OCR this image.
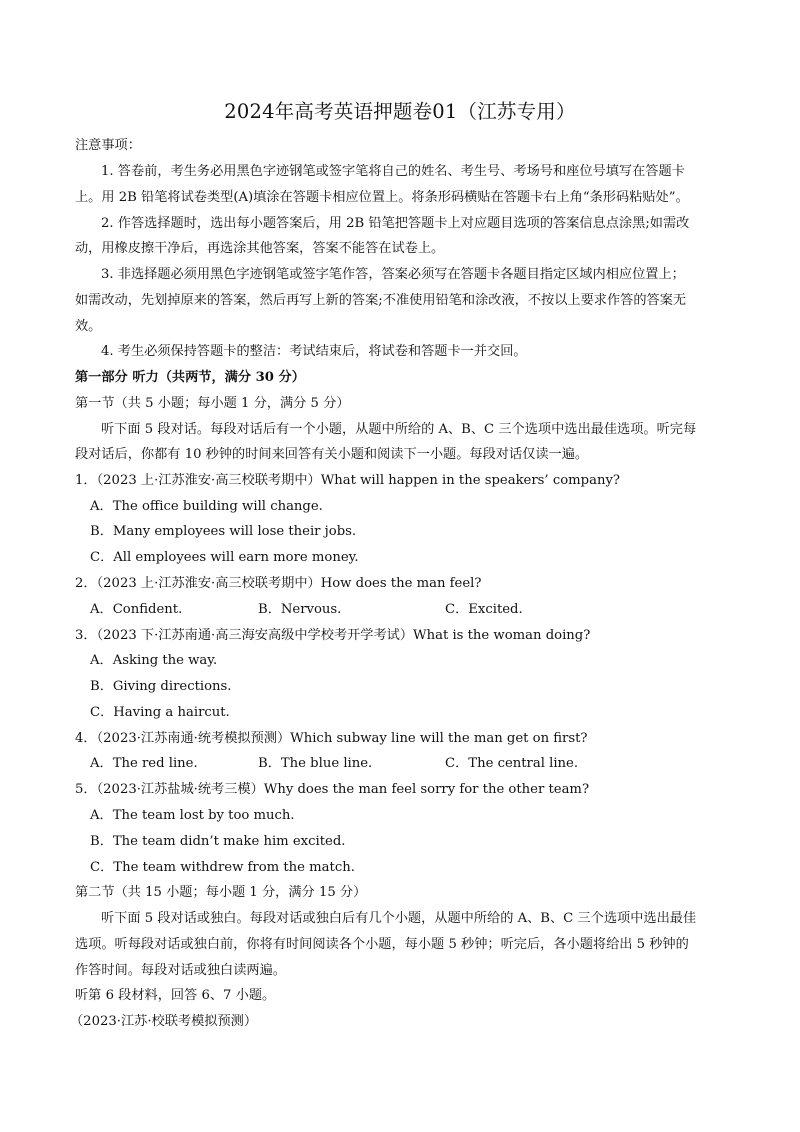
2024年高考英语押题卷01（江苏专用）
注意事项：
1. 答卷前，考生务必用黑色字迹钢笔或签字笔将自己的姓名、考生号、考场号和座位号填写在答题卡
上。用 2B 铅笔将试卷类型(A)填涂在答题卡相应位置上。将条形码横贴在答题卡右上角“条形码粘贴处”。
2. 作答选择题时，选出每小题答案后，用 2B 铅笔把答题卡上对应题目选项的答案信息点涂黑;如需改
动，用橡皮擦干净后，再选涂其他答案，答案不能答在试卷上。
3. 非选择题必须用黑色字迹钢笔或签字笔作答，答案必须写在答题卡各题目指定区域内相应位置上；
如需改动，先划掉原来的答案，然后再写上新的答案;不准使用铅笔和涂改液，不按以上要求作答的答案无
效。
4. 考生必须保持答题卡的整洁：考试结束后，将试卷和答题卡一并交回。
第一部分 听力（共两节，满分 30 分）
第一节（共 5 小题；每小题 1 分，满分 5 分）
听下面 5 段对话。每段对话后有一个小题，从题中所给的 A、B、C 三个选项中选出最佳选项。听完每
段对话后，你都有 10 秒钟的时间来回答有关小题和阅读下一小题。每段对话仅读一遍。
1．（2023 上·江苏淮安·高三校联考期中）What will happen in the speakers’ company?
A．The office building will change.
B．Many employees will lose their jobs.
C．All employees will earn more money.
2．（2023 上·江苏淮安·高三校联考期中）How does the man feel?
A．Confident.	B．Nervous.	C．Excited.
3．（2023 下·江苏南通·高三海安高级中学校考开学考试）What is the woman doing?
A．Asking the way.
B．Giving directions.
C．Having a haircut.
4．（2023·江苏南通·统考模拟预测）Which subway line will the man get on first?
A．The red line.	B．The blue line.	C．The central line.
5．（2023·江苏盐城·统考三模）Why does the man feel sorry for the other team?
A．The team lost by too much.
B．The team didn’t make him excited.
C．The team withdrew from the match.
第二节（共 15 小题；每小题 1 分，满分 15 分）
听下面 5 段对话或独白。每段对话或独白后有几个小题，从题中所给的 A、B、C 三个选项中选出最佳
选项。听每段对话或独白前，你将有时间阅读各个小题，每小题 5 秒钟；听完后，各小题将给出 5 秒钟的
作答时间。每段对话或独白读两遍。
听第 6 段材料，回答 6、7 小题。
（2023·江苏·校联考模拟预测）
